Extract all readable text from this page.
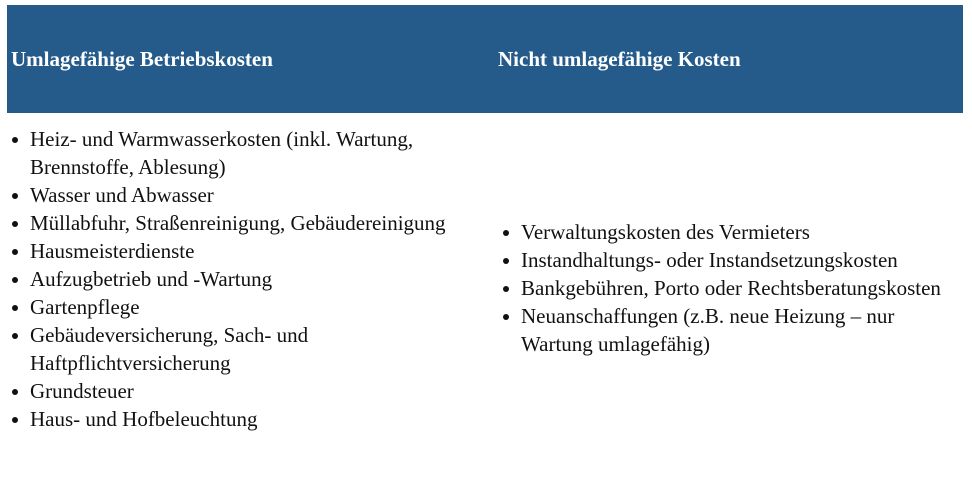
Umlagefähige Betriebskosten	Nicht umlagefähige Kosten
Heiz- und Warmwasserkosten (inkl. Wartung, Brennstoffe, Ablesung)
Wasser und Abwasser
Müllabfuhr, Straßenreinigung, Gebäudereinigung
Hausmeisterdienste
Aufzugbetrieb und -Wartung
Gartenpflege
Gebäudeversicherung, Sach- und Haftpflichtversicherung
Grundsteuer
Haus- und Hofbeleuchtung
Verwaltungskosten des Vermieters
Instandhaltungs- oder Instandsetzungskosten
Bankgebühren, Porto oder Rechtsberatungskosten
Neuanschaffungen (z.B. neue Heizung – nur Wartung umlagefähig)
